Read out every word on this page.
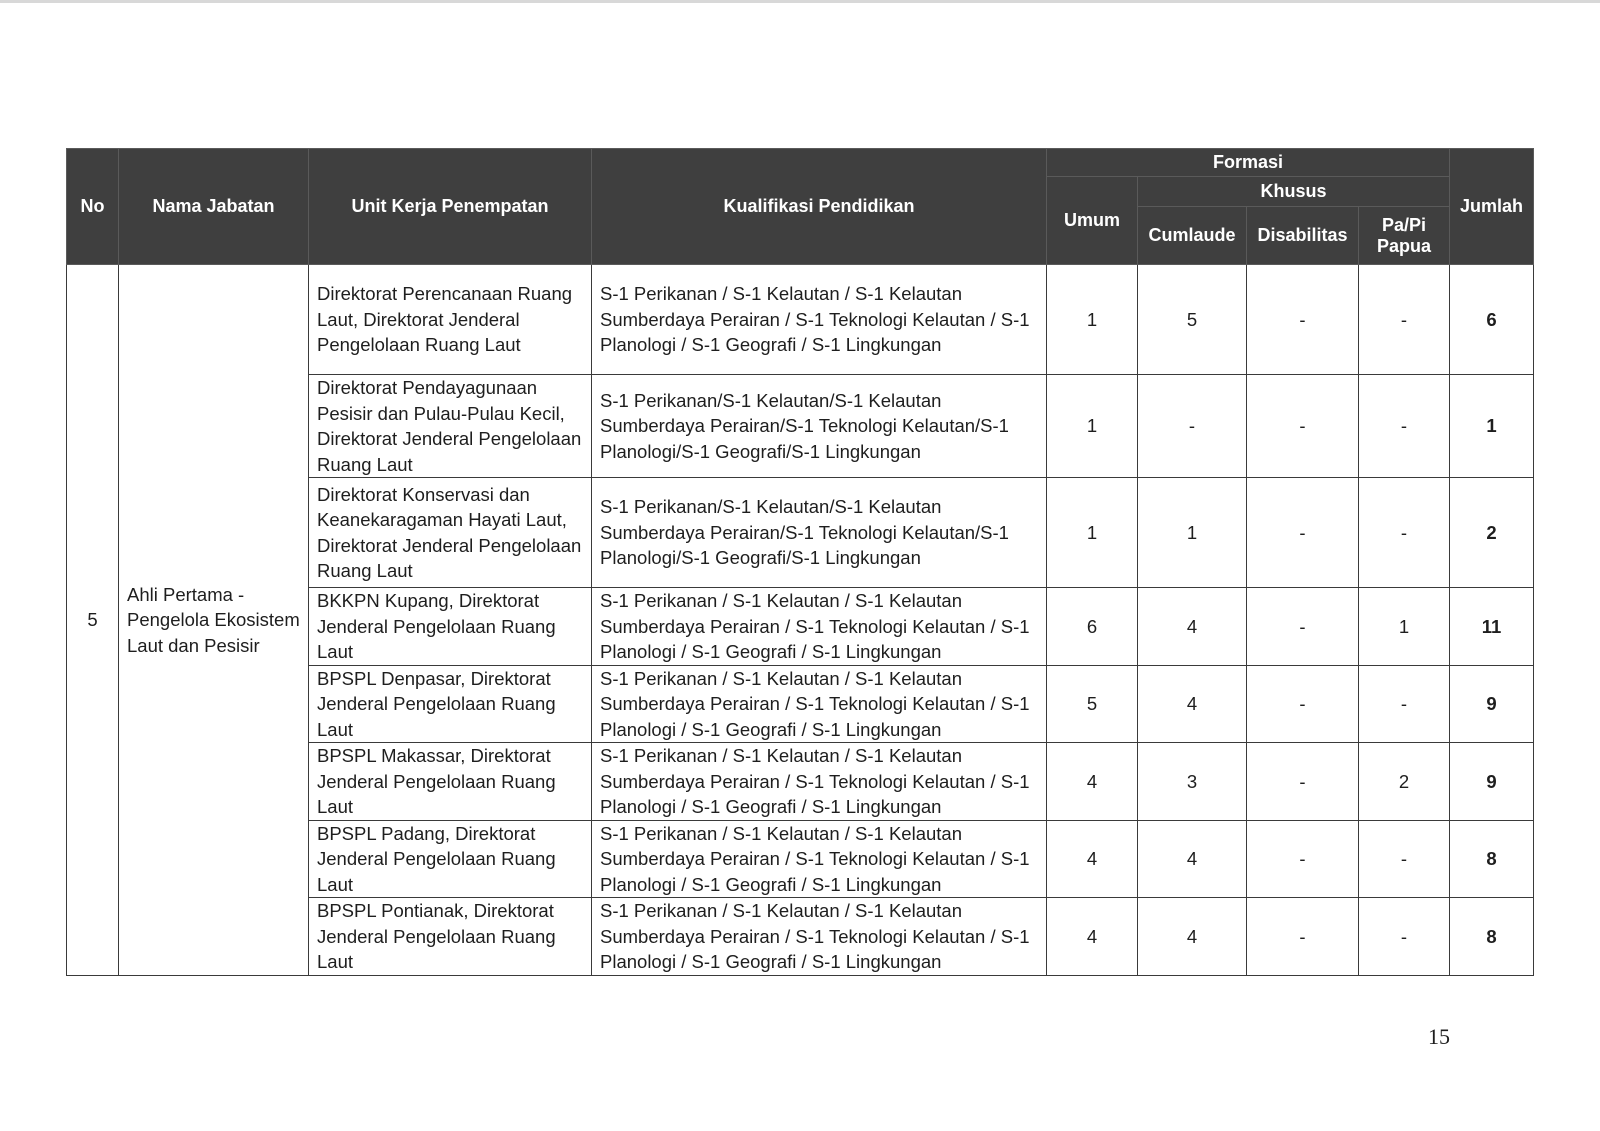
No	Nama Jabatan	Unit Kerja Penempatan	Kualifikasi Pendidikan	Formasi				Jumlah
				Umum	Khusus			
					Cumlaude	Disabilitas	Pa/Pi Papua	
5	Ahli Pertama - Pengelola Ekosistem Laut dan Pesisir	Direktorat Perencanaan Ruang Laut, Direktorat Jenderal Pengelolaan Ruang Laut	S-1 Perikanan / S-1 Kelautan / S-1 Kelautan Sumberdaya Perairan / S-1 Teknologi Kelautan / S-1 Planologi / S-1 Geografi / S-1 Lingkungan	1	5	-	-	6
		Direktorat Pendayagunaan Pesisir dan Pulau-Pulau Kecil, Direktorat Jenderal Pengelolaan Ruang Laut	S-1 Perikanan/S-1 Kelautan/S-1 Kelautan Sumberdaya Perairan/S-1 Teknologi Kelautan/S-1 Planologi/S-1 Geografi/S-1 Lingkungan	1	-	-	-	1
		Direktorat Konservasi dan Keanekaragaman Hayati Laut, Direktorat Jenderal Pengelolaan Ruang Laut	S-1 Perikanan/S-1 Kelautan/S-1 Kelautan Sumberdaya Perairan/S-1 Teknologi Kelautan/S-1 Planologi/S-1 Geografi/S-1 Lingkungan	1	1	-	-	2
		BKKPN Kupang, Direktorat Jenderal Pengelolaan Ruang Laut	S-1 Perikanan / S-1 Kelautan / S-1 Kelautan Sumberdaya Perairan / S-1 Teknologi Kelautan / S-1 Planologi / S-1 Geografi / S-1 Lingkungan	6	4	-	1	11
		BPSPL Denpasar, Direktorat Jenderal Pengelolaan Ruang Laut	S-1 Perikanan / S-1 Kelautan / S-1 Kelautan Sumberdaya Perairan / S-1 Teknologi Kelautan / S-1 Planologi / S-1 Geografi / S-1 Lingkungan	5	4	-	-	9
		BPSPL Makassar, Direktorat Jenderal Pengelolaan Ruang Laut	S-1 Perikanan / S-1 Kelautan / S-1 Kelautan Sumberdaya Perairan / S-1 Teknologi Kelautan / S-1 Planologi / S-1 Geografi / S-1 Lingkungan	4	3	-	2	9
		BPSPL Padang, Direktorat Jenderal Pengelolaan Ruang Laut	S-1 Perikanan / S-1 Kelautan / S-1 Kelautan Sumberdaya Perairan / S-1 Teknologi Kelautan / S-1 Planologi / S-1 Geografi / S-1 Lingkungan	4	4	-	-	8
		BPSPL Pontianak, Direktorat Jenderal Pengelolaan Ruang Laut	S-1 Perikanan / S-1 Kelautan / S-1 Kelautan Sumberdaya Perairan / S-1 Teknologi Kelautan / S-1 Planologi / S-1 Geografi / S-1 Lingkungan	4	4	-	-	8
15
